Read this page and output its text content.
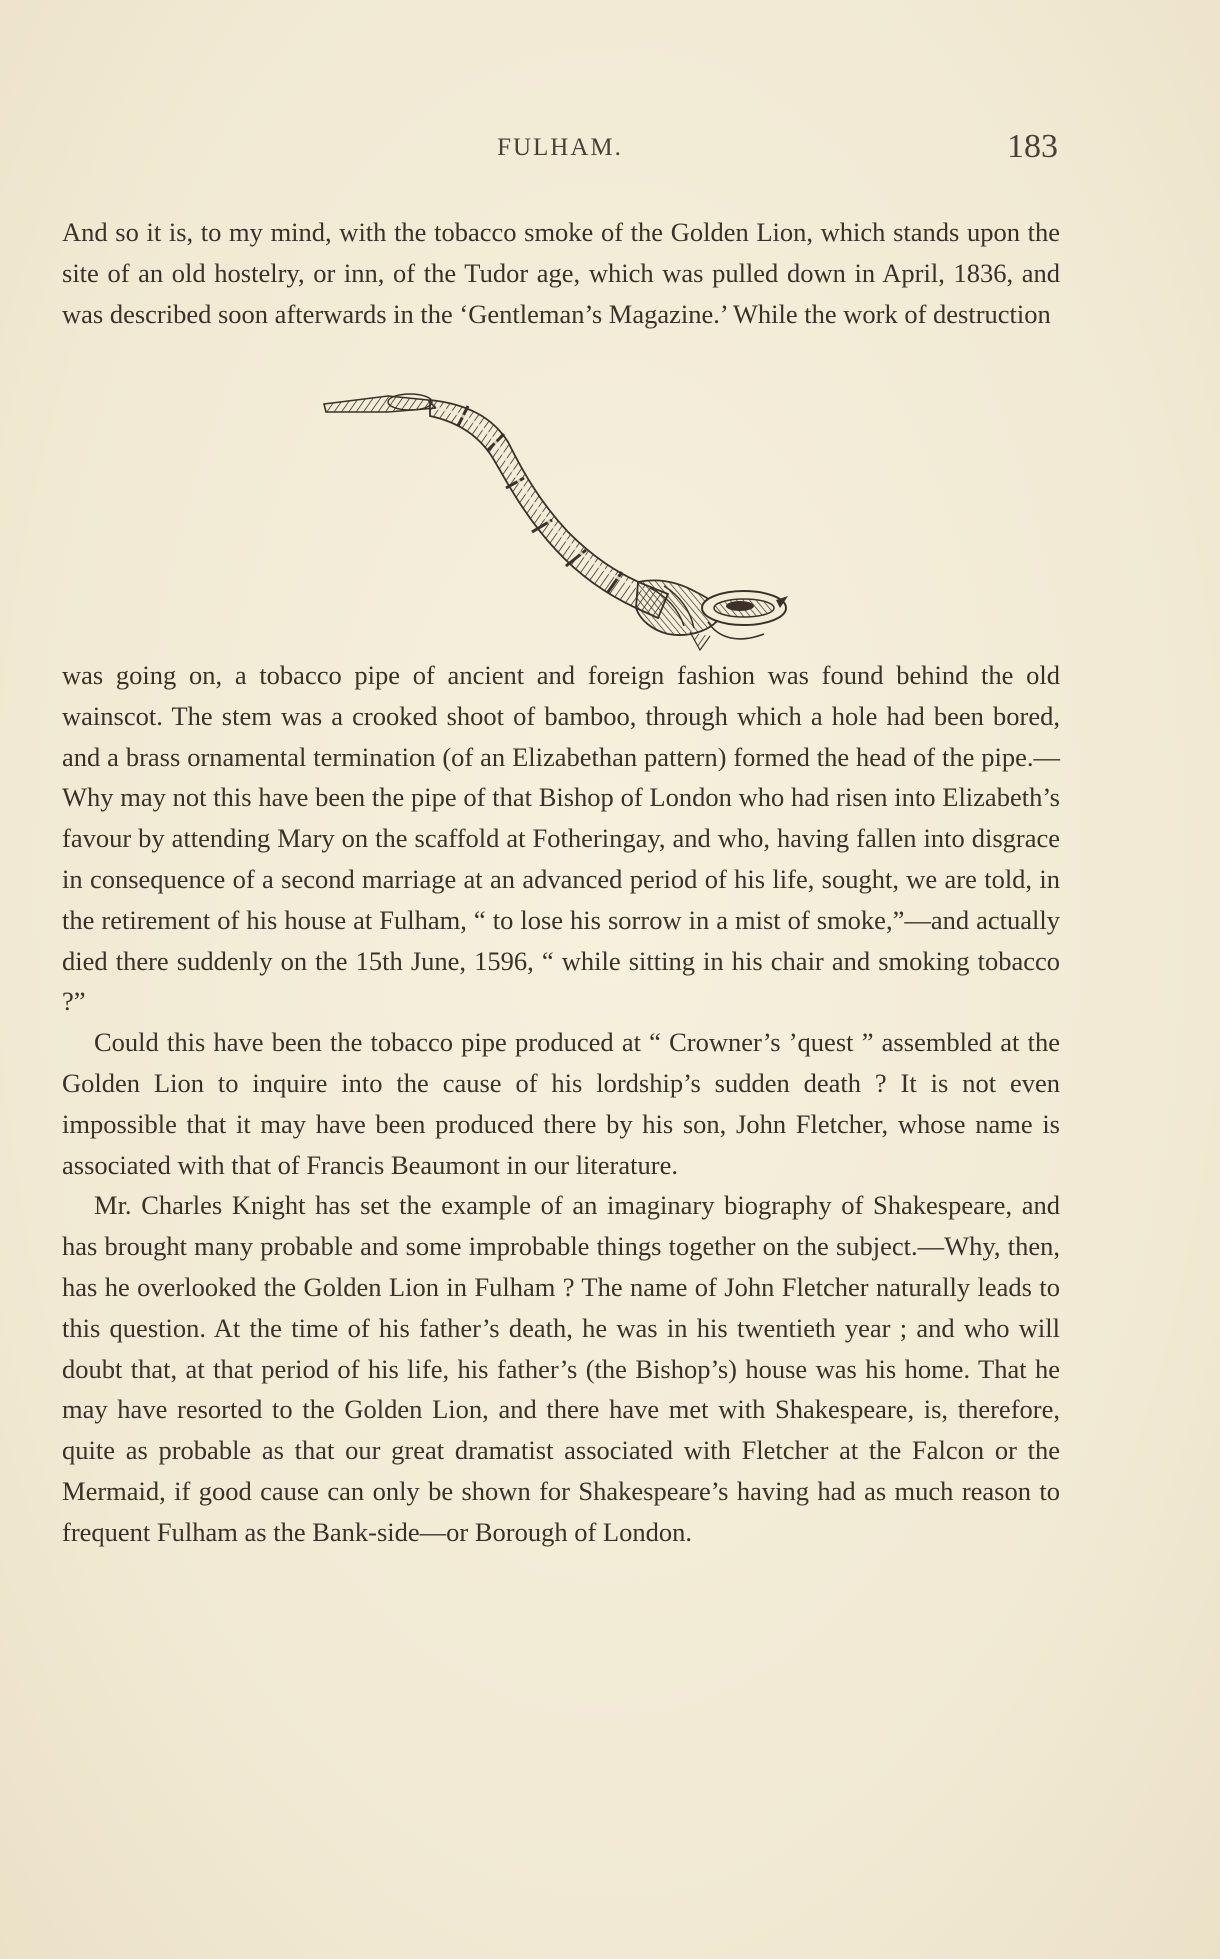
FULHAM.	183

And so it is, to my mind, with the tobacco smoke of the Golden Lion, which stands upon the site of an old hostelry, or inn, of the Tudor age, which was pulled down in April, 1836, and was described soon afterwards in the ‘Gentleman’s Magazine.’ While the work of destruction

was going on, a tobacco pipe of ancient and foreign fashion was found behind the old wainscot. The stem was a crooked shoot of bamboo, through which a hole had been bored, and a brass ornamental termination (of an Elizabethan pattern) formed the head of the pipe.—Why may not this have been the pipe of that Bishop of London who had risen into Elizabeth’s favour by attending Mary on the scaffold at Fotheringay, and who, having fallen into disgrace in consequence of a second marriage at an advanced period of his life, sought, we are told, in the retirement of his house at Fulham, “ to lose his sorrow in a mist of smoke,”—and actually died there suddenly on the 15th June, 1596, “ while sitting in his chair and smoking tobacco ?”

Could this have been the tobacco pipe produced at “ Crowner’s ’quest ” assembled at the Golden Lion to inquire into the cause of his lordship’s sudden death ? It is not even impossible that it may have been produced there by his son, John Fletcher, whose name is associated with that of Francis Beaumont in our literature.

Mr. Charles Knight has set the example of an imaginary biography of Shakespeare, and has brought many probable and some improbable things together on the subject.—Why, then, has he overlooked the Golden Lion in Fulham ? The name of John Fletcher naturally leads to this question. At the time of his father’s death, he was in his twentieth year ; and who will doubt that, at that period of his life, his father’s (the Bishop’s) house was his home. That he may have resorted to the Golden Lion, and there have met with Shakespeare, is, therefore, quite as probable as that our great dramatist associated with Fletcher at the Falcon or the Mermaid, if good cause can only be shown for Shakespeare’s having had as much reason to frequent Fulham as the Bank-side—or Borough of London.
